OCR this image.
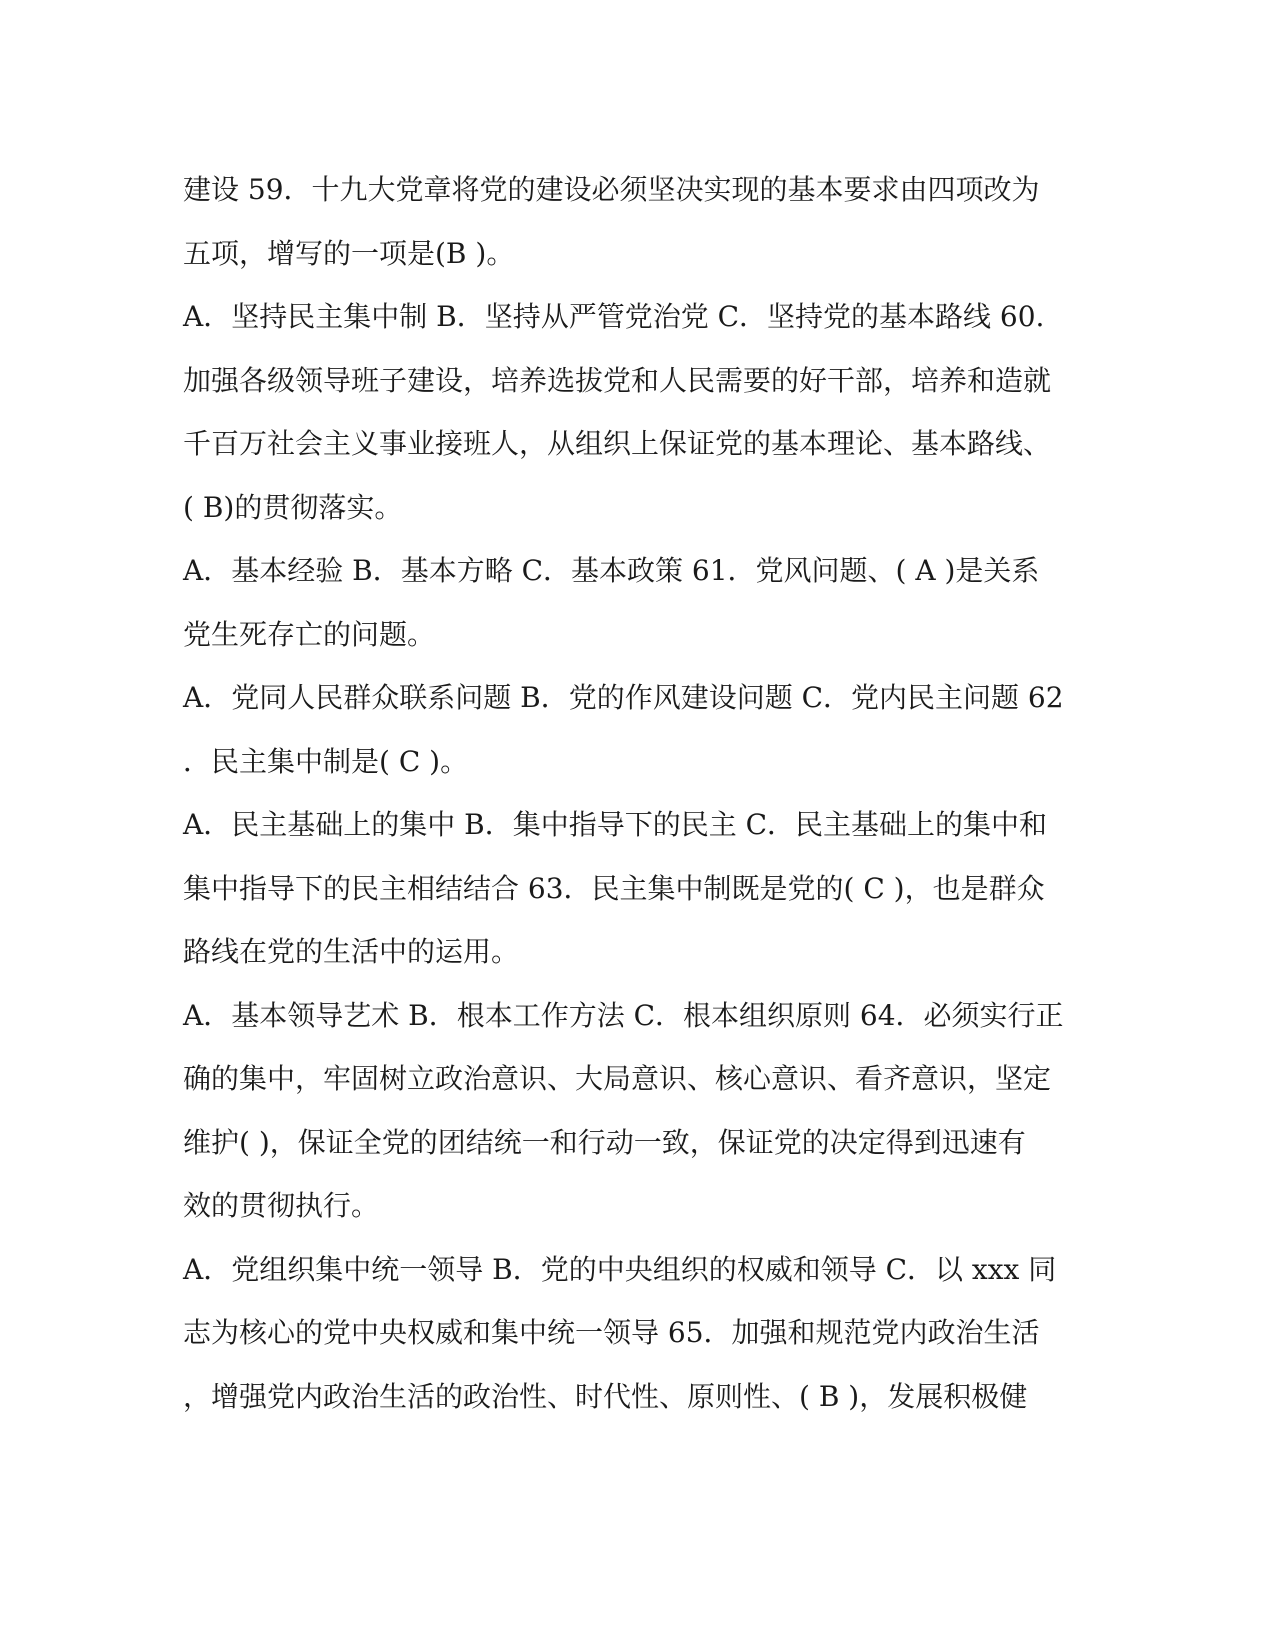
建设 59．十九大党章将党的建设必须坚决实现的基本要求由四项改为
五项，增写的一项是(B )。
A．坚持民主集中制 B．坚持从严管党治党 C．坚持党的基本路线 60.
加强各级领导班子建设，培养选拔党和人民需要的好干部，培养和造就
千百万社会主义事业接班人，从组织上保证党的基本理论、基本路线、
( B)的贯彻落实。
A．基本经验 B．基本方略 C．基本政策 61．党风问题、( A )是关系
党生死存亡的问题。
A．党同人民群众联系问题 B．党的作风建设问题 C．党内民主问题 62
．民主集中制是( C )。
A．民主基础上的集中 B．集中指导下的民主 C．民主基础上的集中和
集中指导下的民主相结结合 63．民主集中制既是党的( C )，也是群众
路线在党的生活中的运用。
A．基本领导艺术 B．根本工作方法 C．根本组织原则 64．必须实行正
确的集中，牢固树立政治意识、大局意识、核心意识、看齐意识，坚定
维护( )，保证全党的团结统一和行动一致，保证党的决定得到迅速有
效的贯彻执行。
A．党组织集中统一领导 B．党的中央组织的权威和领导 C．以 xxx 同
志为核心的党中央权威和集中统一领导 65．加强和规范党内政治生活
，增强党内政治生活的政治性、时代性、原则性、( B )，发展积极健
